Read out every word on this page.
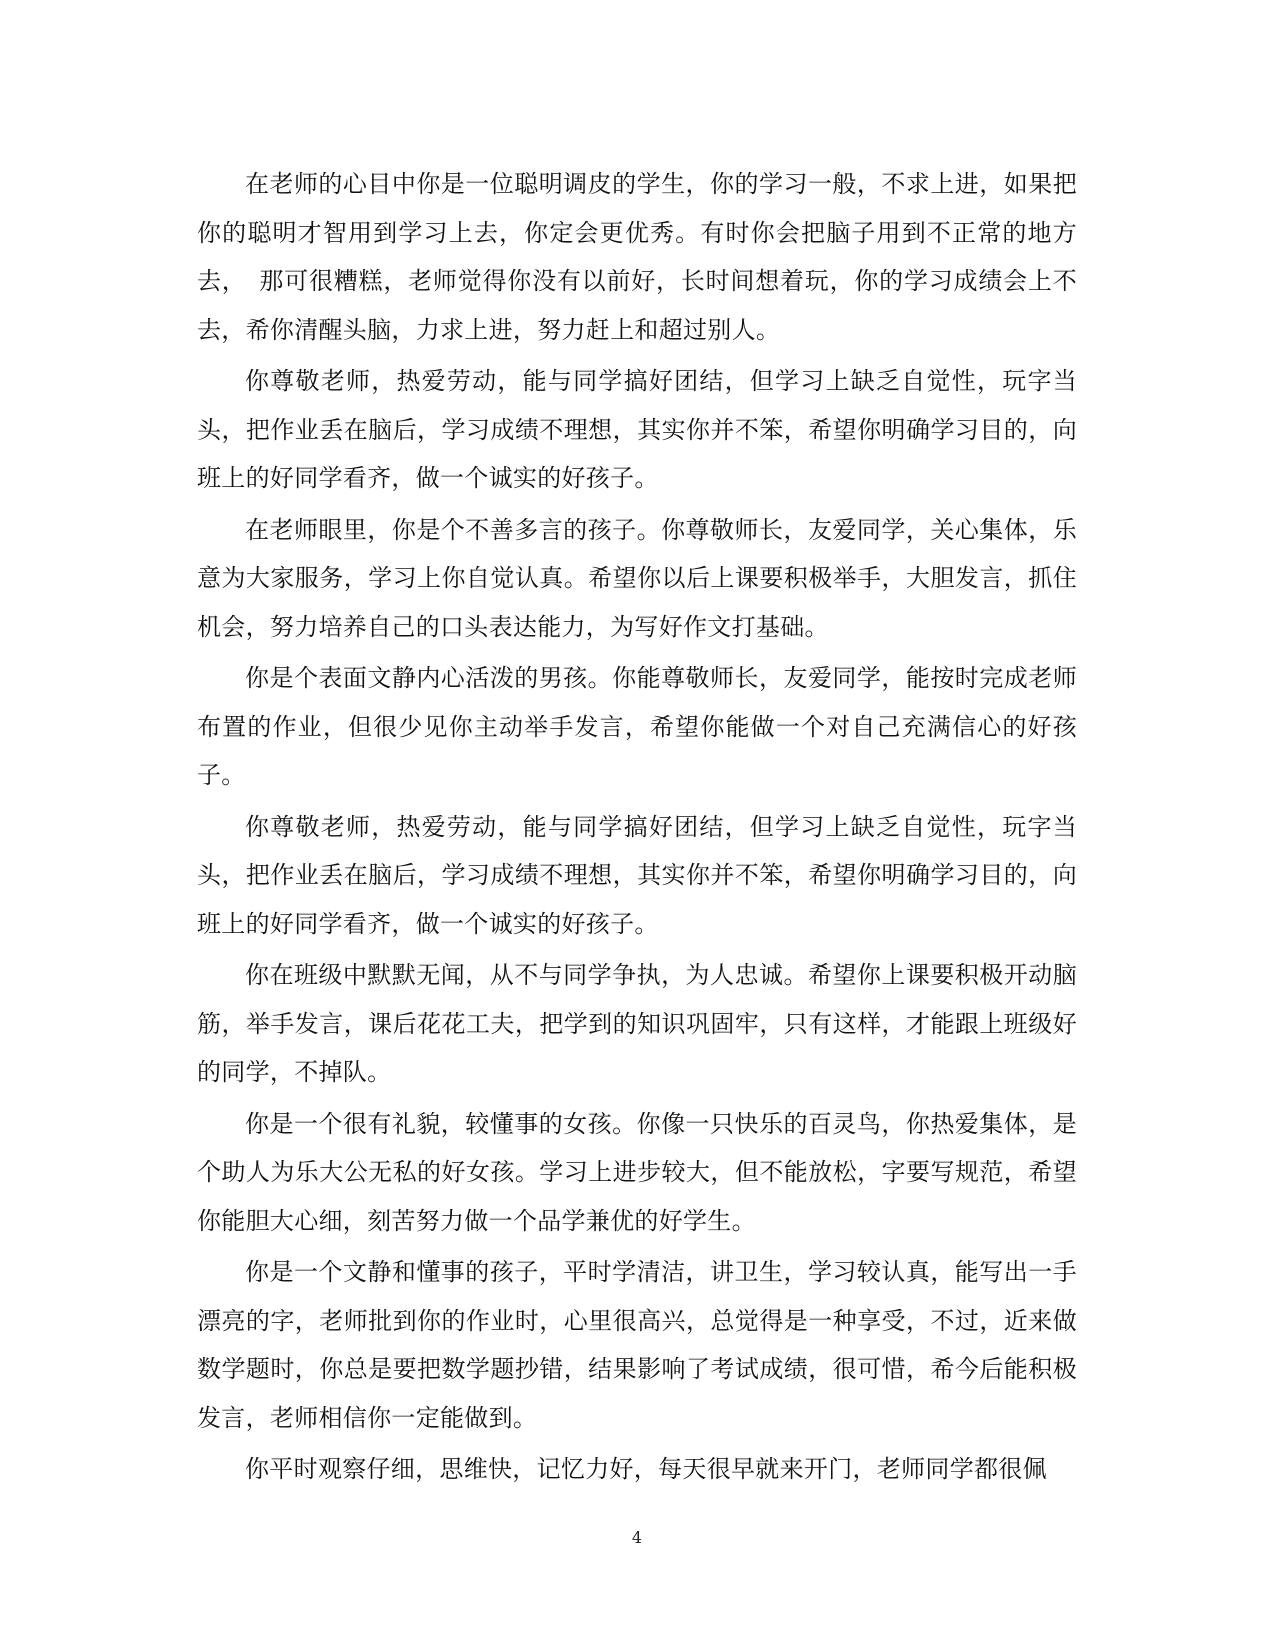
在老师的心目中你是一位聪明调皮的学生，你的学习一般，不求上进，如果把你的聪明才智用到学习上去，你定会更优秀。有时你会把脑子用到不正常的地方去，　那可很糟糕，老师觉得你没有以前好，长时间想着玩，你的学习成绩会上不去，希你清醒头脑，力求上进，努力赶上和超过别人。

你尊敬老师，热爱劳动，能与同学搞好团结，但学习上缺乏自觉性，玩字当头，把作业丢在脑后，学习成绩不理想，其实你并不笨，希望你明确学习目的，向班上的好同学看齐，做一个诚实的好孩子。

在老师眼里，你是个不善多言的孩子。你尊敬师长，友爱同学，关心集体，乐意为大家服务，学习上你自觉认真。希望你以后上课要积极举手，大胆发言，抓住机会，努力培养自己的口头表达能力，为写好作文打基础。

你是个表面文静内心活泼的男孩。你能尊敬师长，友爱同学，能按时完成老师布置的作业，但很少见你主动举手发言，希望你能做一个对自己充满信心的好孩子。

你尊敬老师，热爱劳动，能与同学搞好团结，但学习上缺乏自觉性，玩字当头，把作业丢在脑后，学习成绩不理想，其实你并不笨，希望你明确学习目的，向班上的好同学看齐，做一个诚实的好孩子。

你在班级中默默无闻，从不与同学争执，为人忠诚。希望你上课要积极开动脑筋，举手发言，课后花花工夫，把学到的知识巩固牢，只有这样，才能跟上班级好的同学，不掉队。

你是一个很有礼貌，较懂事的女孩。你像一只快乐的百灵鸟，你热爱集体，是个助人为乐大公无私的好女孩。学习上进步较大，但不能放松，字要写规范，希望你能胆大心细，刻苦努力做一个品学兼优的好学生。

你是一个文静和懂事的孩子，平时学清洁，讲卫生，学习较认真，能写出一手漂亮的字，老师批到你的作业时，心里很高兴，总觉得是一种享受，不过，近来做数学题时，你总是要把数学题抄错，结果影响了考试成绩，很可惜，希今后能积极发言，老师相信你一定能做到。

你平时观察仔细，思维快，记忆力好，每天很早就来开门，老师同学都很佩

4
